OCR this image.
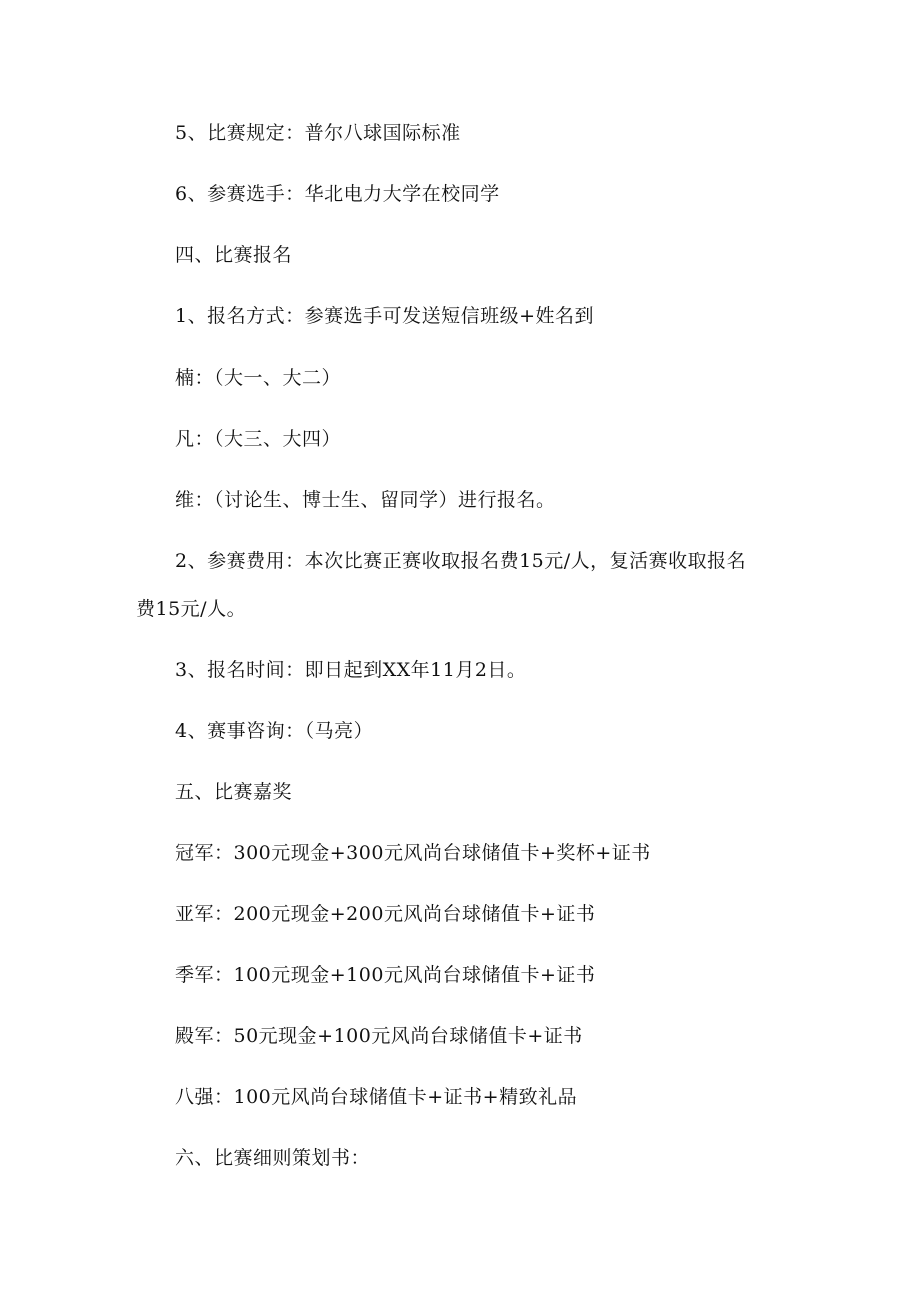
5、比赛规定：普尔八球国际标准
6、参赛选手：华北电力大学在校同学
四、比赛报名
1、报名方式：参赛选手可发送短信班级+姓名到
楠：（大一、大二）
凡：（大三、大四）
维：（讨论生、博士生、留同学）进行报名。
2、参赛费用：本次比赛正赛收取报名费15元/人，复活赛收取报名
费15元/人。
3、报名时间：即日起到XX年11月2日。
4、赛事咨询：（马亮）
五、比赛嘉奖
冠军：300元现金+300元风尚台球储值卡+奖杯+证书
亚军：200元现金+200元风尚台球储值卡+证书
季军：100元现金+100元风尚台球储值卡+证书
殿军：50元现金+100元风尚台球储值卡+证书
八强：100元风尚台球储值卡+证书+精致礼品
六、比赛细则策划书：
